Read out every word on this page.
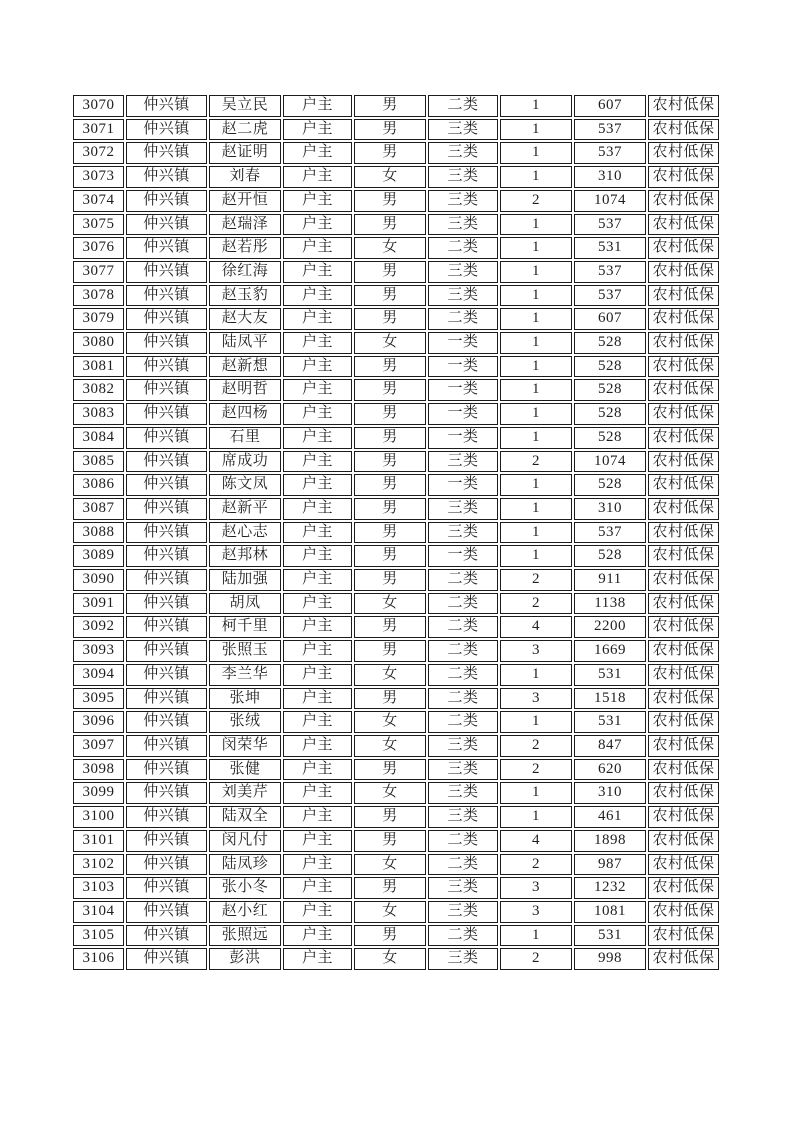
3070	仲兴镇	吴立民	户主	男	二类	1	607	农村低保
3071	仲兴镇	赵二虎	户主	男	三类	1	537	农村低保
3072	仲兴镇	赵证明	户主	男	三类	1	537	农村低保
3073	仲兴镇	刘春	户主	女	三类	1	310	农村低保
3074	仲兴镇	赵开恒	户主	男	三类	2	1074	农村低保
3075	仲兴镇	赵瑞泽	户主	男	三类	1	537	农村低保
3076	仲兴镇	赵若彤	户主	女	二类	1	531	农村低保
3077	仲兴镇	徐红海	户主	男	三类	1	537	农村低保
3078	仲兴镇	赵玉豹	户主	男	三类	1	537	农村低保
3079	仲兴镇	赵大友	户主	男	二类	1	607	农村低保
3080	仲兴镇	陆凤平	户主	女	一类	1	528	农村低保
3081	仲兴镇	赵新想	户主	男	一类	1	528	农村低保
3082	仲兴镇	赵明哲	户主	男	一类	1	528	农村低保
3083	仲兴镇	赵四杨	户主	男	一类	1	528	农村低保
3084	仲兴镇	石里	户主	男	一类	1	528	农村低保
3085	仲兴镇	席成功	户主	男	三类	2	1074	农村低保
3086	仲兴镇	陈文凤	户主	男	一类	1	528	农村低保
3087	仲兴镇	赵新平	户主	男	三类	1	310	农村低保
3088	仲兴镇	赵心志	户主	男	三类	1	537	农村低保
3089	仲兴镇	赵邦林	户主	男	一类	1	528	农村低保
3090	仲兴镇	陆加强	户主	男	二类	2	911	农村低保
3091	仲兴镇	胡凤	户主	女	二类	2	1138	农村低保
3092	仲兴镇	柯千里	户主	男	二类	4	2200	农村低保
3093	仲兴镇	张照玉	户主	男	二类	3	1669	农村低保
3094	仲兴镇	李兰华	户主	女	二类	1	531	农村低保
3095	仲兴镇	张坤	户主	男	二类	3	1518	农村低保
3096	仲兴镇	张绒	户主	女	二类	1	531	农村低保
3097	仲兴镇	闵荣华	户主	女	三类	2	847	农村低保
3098	仲兴镇	张健	户主	男	三类	2	620	农村低保
3099	仲兴镇	刘美芹	户主	女	三类	1	310	农村低保
3100	仲兴镇	陆双全	户主	男	三类	1	461	农村低保
3101	仲兴镇	闵凡付	户主	男	二类	4	1898	农村低保
3102	仲兴镇	陆凤珍	户主	女	二类	2	987	农村低保
3103	仲兴镇	张小冬	户主	男	三类	3	1232	农村低保
3104	仲兴镇	赵小红	户主	女	三类	3	1081	农村低保
3105	仲兴镇	张照远	户主	男	二类	1	531	农村低保
3106	仲兴镇	彭洪	户主	女	三类	2	998	农村低保
